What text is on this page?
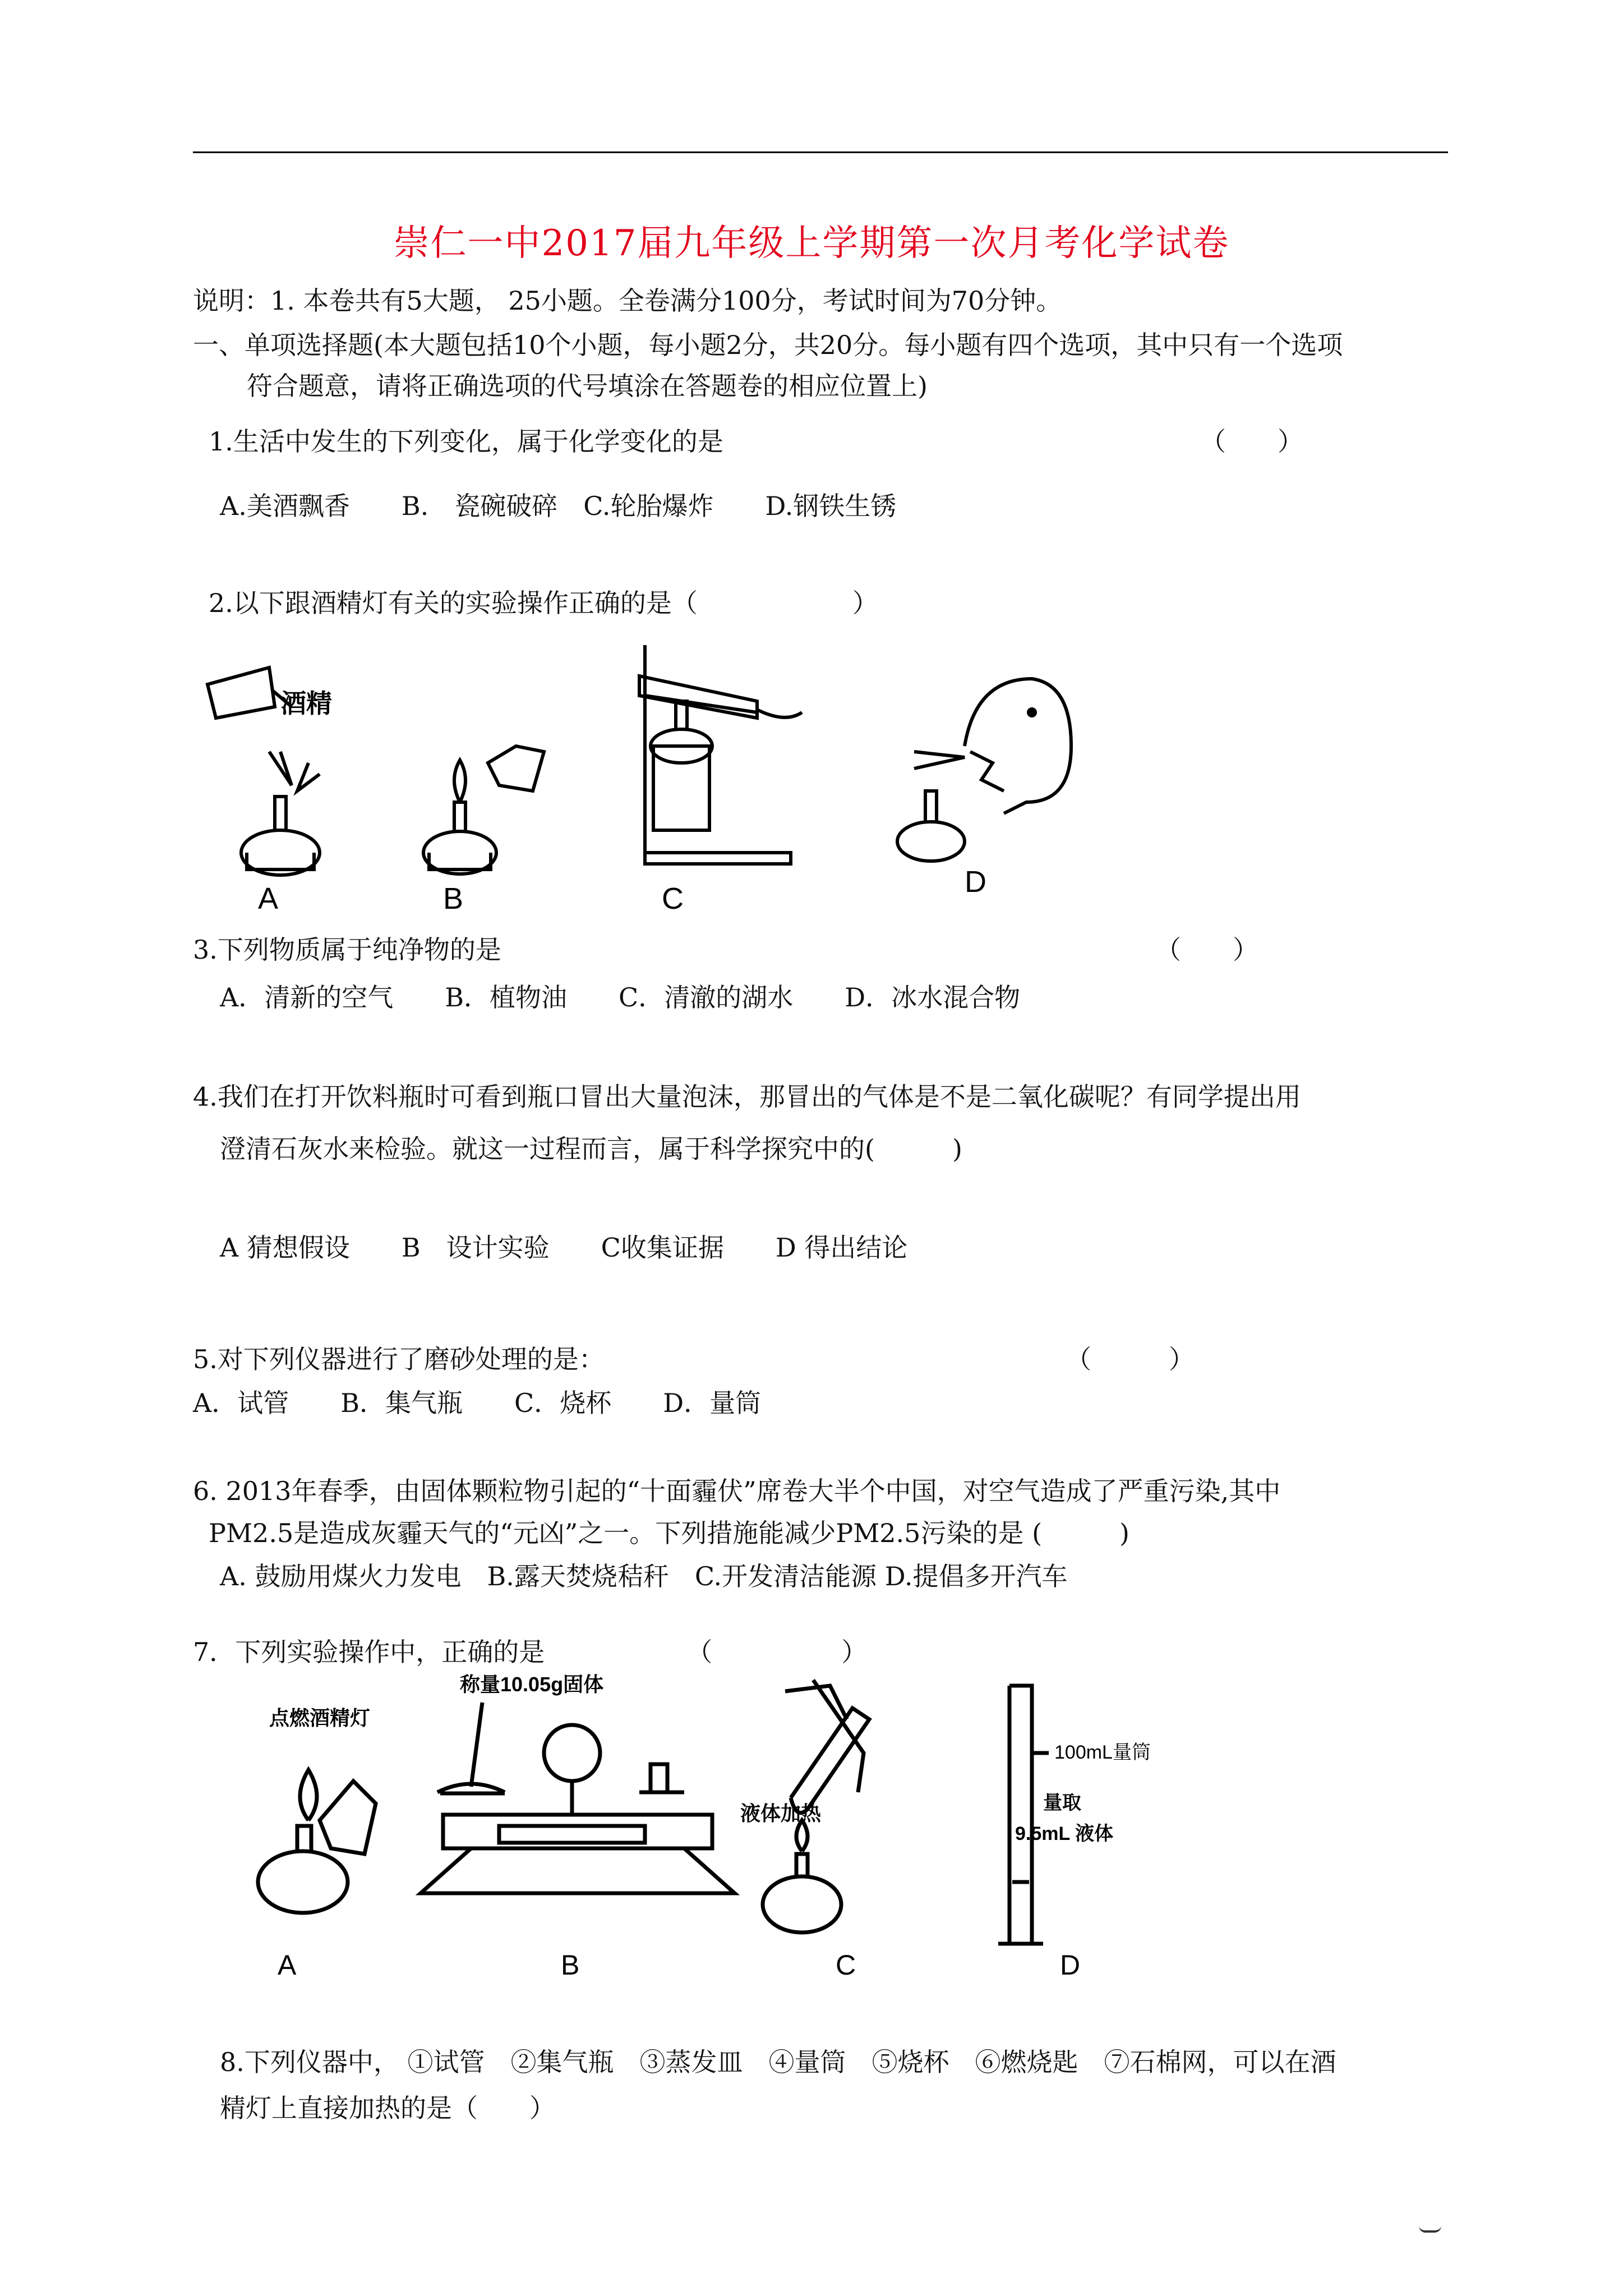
崇仁一中2017届九年级上学期第一次月考化学试卷
说明：1. 本卷共有5大题， 25小题。全卷满分100分，考试时间为70分钟。
一、单项选择题(本大题包括10个小题，每小题2分，共20分。每小题有四个选项，其中只有一个选项
符合题意，请将正确选项的代号填涂在答题卷的相应位置上)
1.生活中发生的下列变化，属于化学变化的是	（　　）
A.美酒飘香　　B.　瓷碗破碎　C.轮胎爆炸　　D.钢铁生锈
2.以下跟酒精灯有关的实验操作正确的是（　　　　　　）
酒精
A	B	C	D
3.下列物质属于纯净物的是	（　　）
A．清新的空气　　B．植物油　　C．清澈的湖水　　D．冰水混合物
4.我们在打开饮料瓶时可看到瓶口冒出大量泡沫，那冒出的气体是不是二氧化碳呢？有同学提出用
澄清石灰水来检验。就这一过程而言，属于科学探究中的(　　　)
A 猜想假设　　B　设计实验　　C收集证据　　D 得出结论
5.对下列仪器进行了磨砂处理的是：	（　　　）
A．试管　　B．集气瓶　　C．烧杯　　D．量筒
6. 2013年春季，由固体颗粒物引起的“十面霾伏”席卷大半个中国，对空气造成了严重污染,其中
PM2.5是造成灰霾天气的“元凶”之一。下列措施能减少PM2.5污染的是 (　　　)
A. 鼓励用煤火力发电　B.露天焚烧秸秆　C.开发清洁能源 D.提倡多开汽车
7．下列实验操作中，正确的是　　　　　　（　　　　　）
点燃酒精灯
A
称量10.05g固体
B
液体加热
C
100mL量筒
量取
9.5mL 液体
D
8.下列仪器中， ①试管　②集气瓶　③蒸发皿　④量筒　⑤烧杯　⑥燃烧匙　⑦石棉网，可以在酒
精灯上直接加热的是（　　）
